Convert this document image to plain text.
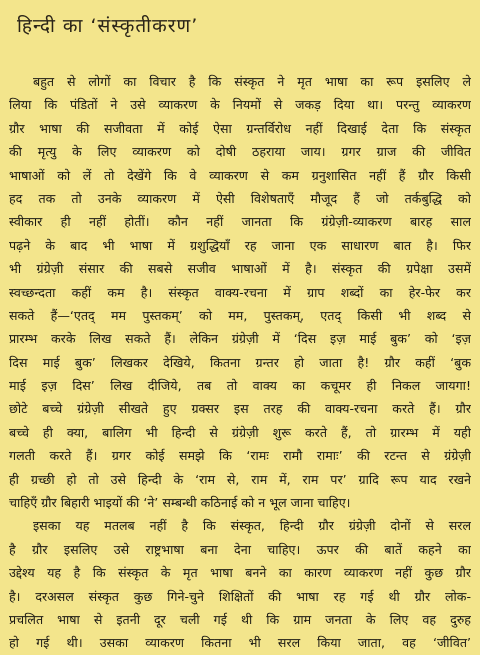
हिन्दी का ‘संस्कृतीकरण’
बहुत से लोगों का विचार है कि संस्कृत ने मृत भाषा का रूप इसलिए ले
लिया कि पंडितों ने उसे व्याकरण के नियमों से जकड़ दिया था। परन्तु व्याकरण
ग्रौर भाषा की सजीवता में कोई ऐसा ग्रन्तर्विरोध नहीं दिखाई देता कि संस्कृत
की मृत्यु के लिए व्याकरण को दोषी ठहराया जाय। ग्रगर ग्राज की जीवित
भाषाओं को लें तो देखेंगे कि वे व्याकरण से कम ग्रनुशासित नहीं हैं ग्रौर किसी
हद तक तो उनके व्याकरण में ऐसी विशेषताएँ मौजूद हैं जो तर्कबुद्धि को
स्वीकार ही नहीं होतीं। कौन नहीं जानता कि ग्रंग्रेज़ी-व्याकरण बारह साल
पढ़ने के बाद भी भाषा में ग्रशुद्धियाँ रह जाना एक साधारण बात है। फिर
भी ग्रंग्रेज़ी संसार की सबसे सजीव भाषाओं में है। संस्कृत की ग्रपेक्षा उसमें
स्वच्छन्दता कहीं कम है। संस्कृत वाक्य-रचना में ग्राप शब्दों का हेर-फेर कर
सकते हैं—‘एतद् मम पुस्तकम्’ को मम, पुस्तकम्, एतद् किसी भी शब्द से
प्रारम्भ करके लिख सकते हैं। लेकिन ग्रंग्रेज़ी में ‘दिस इज़ माई बुक’ को ‘इज़
दिस माई बुक’ लिखकर देखिये, कितना ग्रन्तर हो जाता है! ग्रौर कहीं ‘बुक
माई इज़ दिस’ लिख दीजिये, तब तो वाक्य का कचूमर ही निकल जायगा!
छोटे बच्चे ग्रंग्रेज़ी सीखते हुए ग्रक्सर इस तरह की वाक्य-रचना करते हैं। ग्रौर
बच्चे ही क्या, बालिग भी हिन्दी से ग्रंग्रेज़ी शुरू करते हैं, तो ग्रारम्भ में यही
गलती करते हैं। ग्रगर कोई समझे कि ‘रामः रामौ रामाः’ की रटन्त से ग्रंग्रेज़ी
ही ग्रच्छी हो तो उसे हिन्दी के ‘राम से, राम में, राम पर’ ग्रादि रूप याद रखने
चाहिएँ ग्रौर बिहारी भाइयों की ‘ने’ सम्बन्धी कठिनाई को न भूल जाना चाहिए।
इसका यह मतलब नहीं है कि संस्कृत, हिन्दी ग्रौर ग्रंग्रेज़ी दोनों से सरल
है ग्रौर इसलिए उसे राष्ट्रभाषा बना देना चाहिए। ऊपर की बातें कहने का
उद्देश्य यह है कि संस्कृत के मृत भाषा बनने का कारण व्याकरण नहीं कुछ ग्रौर
है। दरअसल संस्कृत कुछ गिने-चुने शिक्षितों की भाषा रह गई थी ग्रौर लोक-
प्रचलित भाषा से इतनी दूर चली गई थी कि ग्राम जनता के लिए वह दुरुह
हो गई थी। उसका व्याकरण कितना भी सरल किया जाता, वह ‘जीवित’
